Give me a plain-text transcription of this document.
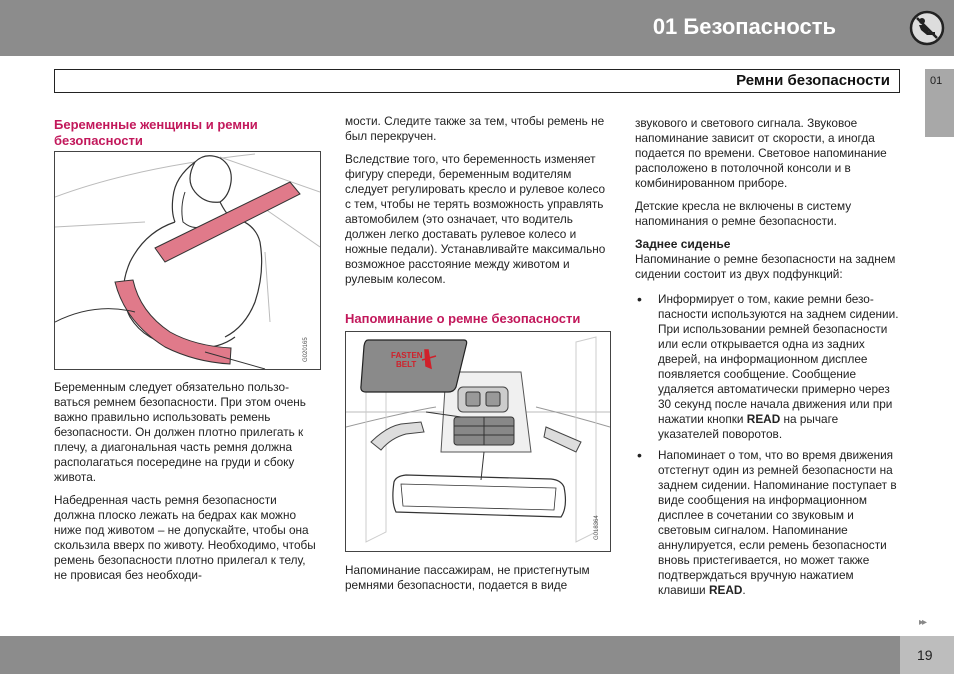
01 Безопасность
Ремни безопасности	01
Беременные женщины и ремни безопасности
G020165

Беременным следует обязательно пользоваться ремнем безопасности. При этом очень важно правильно использовать ремень безопасности. Он должен плотно прилегать к плечу, а диагональная часть ремня должна располагаться посередине на груди и сбоку живота.

Набедренная часть ремня безопасности должна плоско лежать на бедрах как можно ниже под животом – не допускайте, чтобы она скользила вверх по животу. Необходимо, чтобы ремень безопасности плотно прилегал к телу, не провисая без необходи-

мости. Следите также за тем, чтобы ремень не был перекручен.

Вследствие того, что беременность изменяет фигуру спереди, беременным водителям следует регулировать кресло и рулевое колесо с тем, чтобы не терять возможность управлять автомобилем (это означает, что водитель должен легко доставать рулевое колесо и ножные педали). Устанавливайте максимально возможное расстояние между животом и рулевым колесом.

Напоминание о ремне безопасности
FASTEN
BELT
G018364

Напоминание пассажирам, не пристегнутым ремнями безопасности, подается в виде

звукового и светового сигнала. Звуковое напоминание зависит от скорости, а иногда подается по времени. Световое напоминание расположено в потолочной консоли и в комбинированном приборе.

Детские кресла не включены в систему напоминания о ремне безопасности.

Заднее сиденье

Напоминание о ремне безопасности на заднем сидении состоит из двух подфункций:

• Информирует о том, какие ремни безопасности используются на заднем сидении. При использовании ремней безопасности или если открывается одна из задних дверей, на информационном дисплее появляется сообщение. Сообщение удаляется автоматически примерно через 30 секунд после начала движения или при нажатии кнопки READ на рычаге указателей поворотов.
• Напоминает о том, что во время движения отстегнут один из ремней безопасности на заднем сидении. Напоминание поступает в виде сообщения на информационном дисплее в сочетании со звуковым и световым сигналом. Напоминание аннулируется, если ремень безопасности вновь пристегивается, но может также подтверждаться вручную нажатием клавиши READ.
▸▸
19
